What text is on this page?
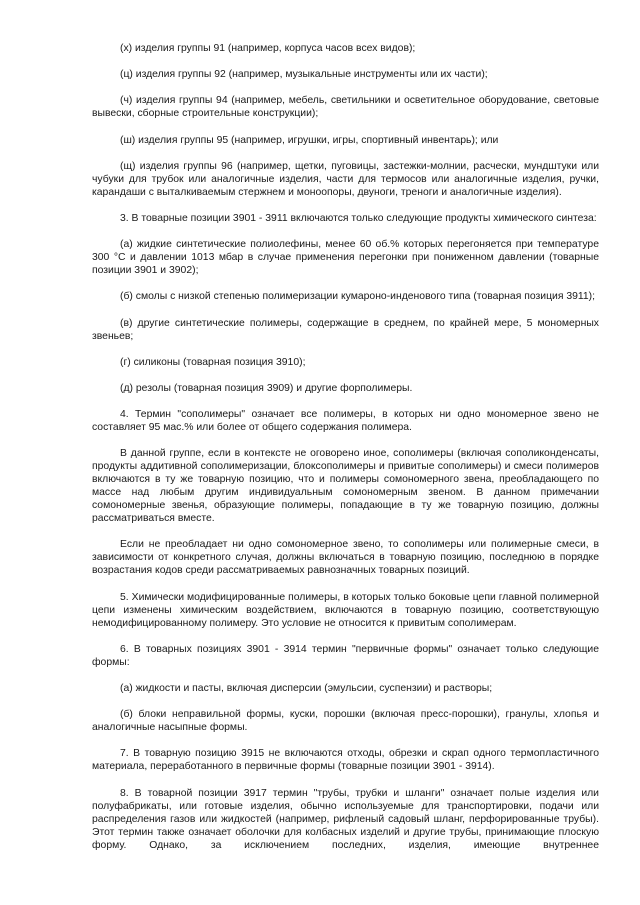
(х) изделия группы 91 (например, корпуса часов всех видов);

(ц) изделия группы 92 (например, музыкальные инструменты или их части);

(ч) изделия группы 94 (например, мебель, светильники и осветительное оборудование, световые вывески, сборные строительные конструкции);

(ш) изделия группы 95 (например, игрушки, игры, спортивный инвентарь); или

(щ) изделия группы 96 (например, щетки, пуговицы, застежки-молнии, расчески, мундштуки или чубуки для трубок или аналогичные изделия, части для термосов или аналогичные изделия, ручки, карандаши с выталкиваемым стержнем и моноопоры, двуноги, треноги и аналогичные изделия).

3. В товарные позиции 3901 - 3911 включаются только следующие продукты химического синтеза:

(а) жидкие синтетические полиолефины, менее 60 об.% которых перегоняется при температуре 300 °С и давлении 1013 мбар в случае применения перегонки при пониженном давлении (товарные позиции 3901 и 3902);

(б) смолы с низкой степенью полимеризации кумароно-инденового типа (товарная позиция 3911);

(в) другие синтетические полимеры, содержащие в среднем, по крайней мере, 5 мономерных звеньев;

(г) силиконы (товарная позиция 3910);

(д) резолы (товарная позиция 3909) и другие форполимеры.

4. Термин "сополимеры" означает все полимеры, в которых ни одно мономерное звено не составляет 95 мас.% или более от общего содержания полимера.

В данной группе, если в контексте не оговорено иное, сополимеры (включая сополиконденсаты, продукты аддитивной сополимеризации, блоксополимеры и привитые сополимеры) и смеси полимеров включаются в ту же товарную позицию, что и полимеры сомономерного звена, преобладающего по массе над любым другим индивидуальным сомономерным звеном. В данном примечании сомономерные звенья, образующие полимеры, попадающие в ту же товарную позицию, должны рассматриваться вместе.

Если не преобладает ни одно сомономерное звено, то сополимеры или полимерные смеси, в зависимости от конкретного случая, должны включаться в товарную позицию, последнюю в порядке возрастания кодов среди рассматриваемых равнозначных товарных позиций.

5. Химически модифицированные полимеры, в которых только боковые цепи главной полимерной цепи изменены химическим воздействием, включаются в товарную позицию, соответствующую немодифицированному полимеру. Это условие не относится к привитым сополимерам.

6. В товарных позициях 3901 - 3914 термин "первичные формы" означает только следующие формы:

(а) жидкости и пасты, включая дисперсии (эмульсии, суспензии) и растворы;

(б) блоки неправильной формы, куски, порошки (включая пресс-порошки), гранулы, хлопья и аналогичные насыпные формы.

7. В товарную позицию 3915 не включаются отходы, обрезки и скрап одного термопластичного материала, переработанного в первичные формы (товарные позиции 3901 - 3914).

8. В товарной позиции 3917 термин "трубы, трубки и шланги" означает полые изделия или полуфабрикаты, или готовые изделия, обычно используемые для транспортировки, подачи или распределения газов или жидкостей (например, рифленый садовый шланг, перфорированные трубы). Этот термин также означает оболочки для колбасных изделий и другие трубы, принимающие плоскую форму. Однако, за исключением последних, изделия, имеющие внутреннее
